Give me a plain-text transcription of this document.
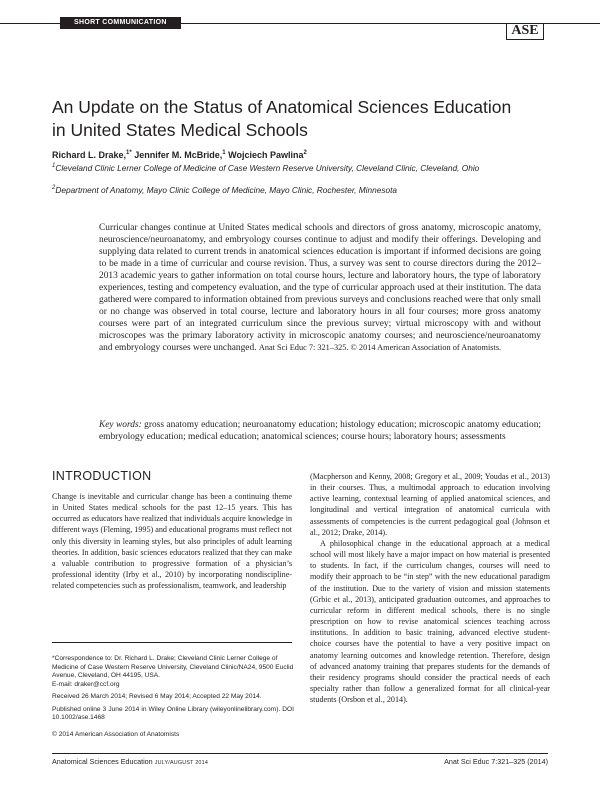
SHORT COMMUNICATION
ASE
An Update on the Status of Anatomical Sciences Education in United States Medical Schools
Richard L. Drake,$^{1*}$ Jennifer M. McBride,$^1$ Wojciech Pawlina$^2$
$^1$Cleveland Clinic Lerner College of Medicine of Case Western Reserve University, Cleveland Clinic, Cleveland, Ohio
$^2$Department of Anatomy, Mayo Clinic College of Medicine, Mayo Clinic, Rochester, Minnesota
Curricular changes continue at United States medical schools and directors of gross anatomy, microscopic anatomy, neuroscience/neuroanatomy, and embryology courses continue to adjust and modify their offerings. Developing and supplying data related to current trends in anatomical sciences education is important if informed decisions are going to be made in a time of curricular and course revision. Thus, a survey was sent to course directors during the 2012–2013 academic years to gather information on total course hours, lecture and laboratory hours, the type of laboratory experiences, testing and competency evaluation, and the type of curricular approach used at their institution. The data gathered were compared to information obtained from previous surveys and conclusions reached were that only small or no change was observed in total course, lecture and laboratory hours in all four courses; more gross anatomy courses were part of an integrated curriculum since the previous survey; virtual microscopy with and without microscopes was the primary laboratory activity in microscopic anatomy courses; and neuroscience/neuroanatomy and embryology courses were unchanged. Anat Sci Educ 7: 321–325. © 2014 American Association of Anatomists.
Key words: gross anatomy education; neuroanatomy education; histology education; microscopic anatomy education; embryology education; medical education; anatomical sciences; course hours; laboratory hours; assessments
INTRODUCTION

Change is inevitable and curricular change has been a continuing theme in United States medical schools for the past 12–15 years. This has occurred as educators have realized that individuals acquire knowledge in different ways (Fleming, 1995) and educational programs must reflect not only this diversity in learning styles, but also principles of adult learning theories. In addition, basic sciences educators realized that they can make a valuable contribution to progressive formation of a physician’s professional identity (Irby et al., 2010) by incorporating nondiscipline-related competencies such as professionalism, teamwork, and leadership

(Macpherson and Kenny, 2008; Gregory et al., 2009; Youdas et al., 2013) in their courses. Thus, a multimodal approach to education involving active learning, contextual learning of applied anatomical sciences, and longitudinal and vertical integration of anatomical curricula with assessments of competencies is the current pedagogical goal (Johnson et al., 2012; Drake, 2014).

A philosophical change in the educational approach at a medical school will most likely have a major impact on how material is presented to students. In fact, if the curriculum changes, courses will need to modify their approach to be “in step” with the new educational paradigm of the institution. Due to the variety of vision and mission statements (Grbic et al., 2013), anticipated graduation outcomes, and approaches to curricular reform in different medical schools, there is no single prescription on how to revise anatomical sciences teaching across institutions. In addition to basic training, advanced elective student-choice courses have the potential to have a very positive impact on anatomy learning outcomes and knowledge retention. Therefore, design of advanced anatomy training that prepares students for the demands of their residency programs should consider the practical needs of each specialty rather than follow a generalized format for all clinical-year students (Orsbon et al., 2014).

*Correspondence to: Dr. Richard L. Drake; Cleveland Clinic Lerner College of Medicine of Case Western Reserve University, Cleveland Clinic/NA24, 9500 Euclid Avenue, Cleveland, OH 44195, USA.

E-mail: draker@ccf.org

Received 26 March 2014; Revised 6 May 2014; Accepted 22 May 2014.

Published online 3 June 2014 in Wiley Online Library (wileyonlinelibrary.com). DOI 10.1002/ase.1468

© 2014 American Association of Anatomists

Anatomical Sciences Education JULY/AUGUST 2014	Anat Sci Educ 7:321–325 (2014)
